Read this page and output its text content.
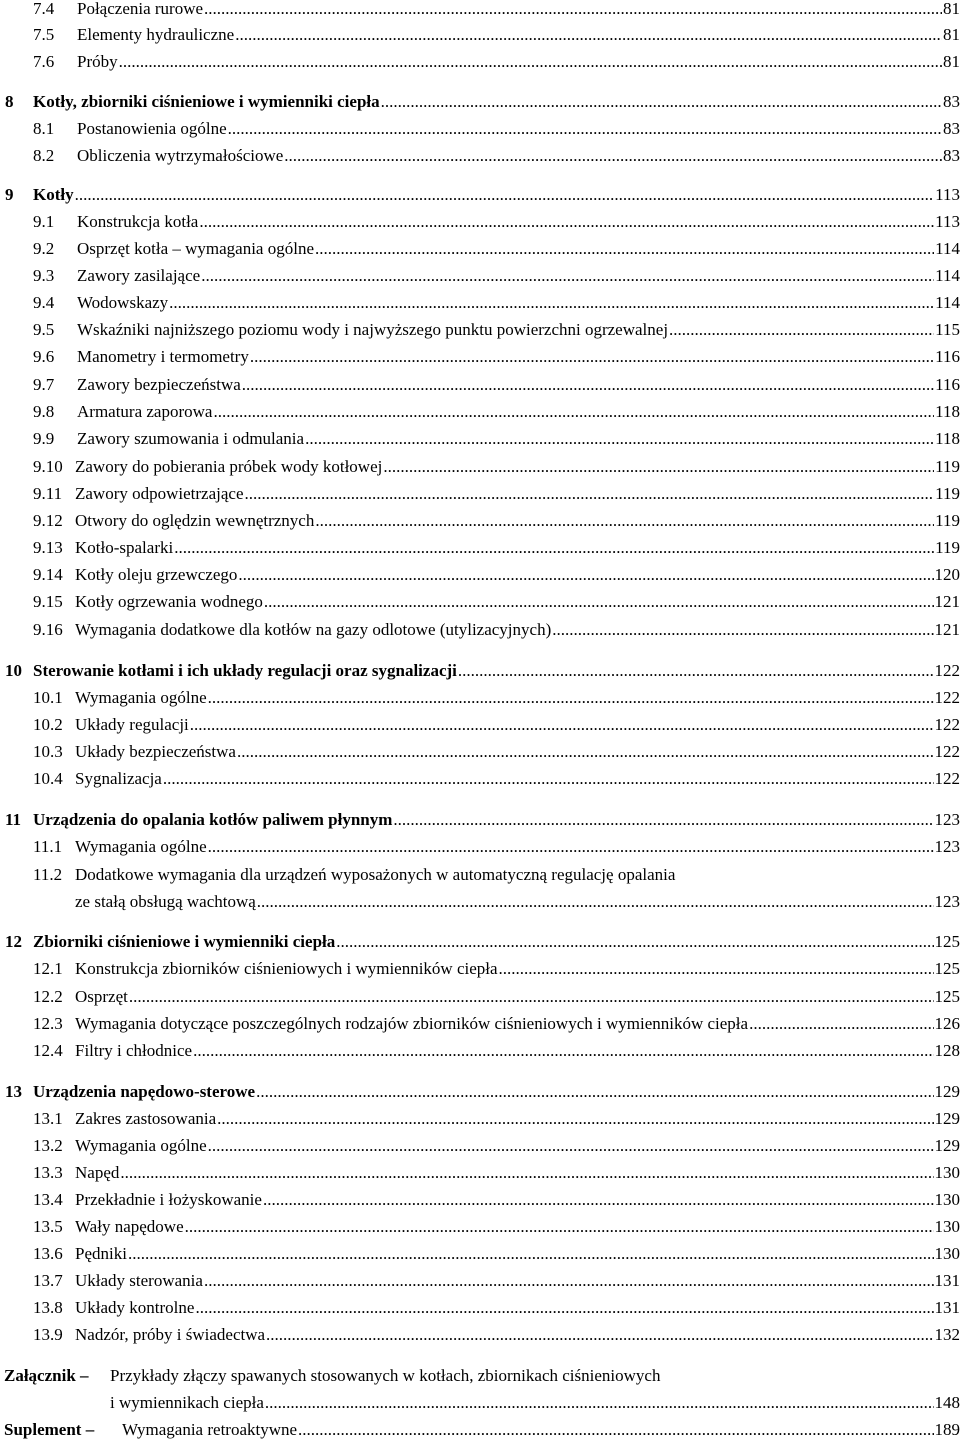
7.4 Połączenia rurowe .....	81
7.5 Elementy hydrauliczne .....	81
7.6 Próby .....	81
8 Kotły, zbiorniki ciśnieniowe i wymienniki ciepła .....	83
8.1 Postanowienia ogólne .....	83
8.2 Obliczenia wytrzymałościowe .....	83
9 Kotły .....	113
9.1 Konstrukcja kotła .....	113
9.2 Osprzęt kotła – wymagania ogólne .....	114
9.3 Zawory zasilające .....	114
9.4 Wodowskazy .....	114
9.5 Wskaźniki najniższego poziomu wody i najwyższego punktu powierzchni ogrzewalnej .....	115
9.6 Manometry i termometry .....	116
9.7 Zawory bezpieczeństwa .....	116
9.8 Armatura zaporowa .....	118
9.9 Zawory szumowania i odmulania .....	118
9.10 Zawory do pobierania próbek wody kotłowej .....	119
9.11 Zawory odpowietrzające .....	119
9.12 Otwory do oględzin wewnętrznych .....	119
9.13 Kotło-spalarki .....	119
9.14 Kotły oleju grzewczego .....	120
9.15 Kotły ogrzewania wodnego .....	121
9.16 Wymagania dodatkowe dla kotłów na gazy odlotowe (utylizacyjnych) .....	121
10 Sterowanie kotłami i ich układy regulacji oraz sygnalizacji .....	122
10.1 Wymagania ogólne .....	122
10.2 Układy regulacji .....	122
10.3 Układy bezpieczeństwa .....	122
10.4 Sygnalizacja .....	122
11 Urządzenia do opalania kotłów paliwem płynnym .....	123
11.1 Wymagania ogólne .....	123
11.2 Dodatkowe wymagania dla urządzeń wyposażonych w automatyczną regulację opalania
ze stałą obsługą wachtową .....	123
12 Zbiorniki ciśnieniowe i wymienniki ciepła .....	125
12.1 Konstrukcja zbiorników ciśnieniowych i wymienników ciepła .....	125
12.2 Osprzęt .....	125
12.3 Wymagania dotyczące poszczególnych rodzajów zbiorników ciśnieniowych i wymienników ciepła .....	126
12.4 Filtry i chłodnice .....	128
13 Urządzenia napędowo-sterowe .....	129
13.1 Zakres zastosowania .....	129
13.2 Wymagania ogólne .....	129
13.3 Napęd .....	130
13.4 Przekładnie i łożyskowanie .....	130
13.5 Wały napędowe .....	130
13.6 Pędniki .....	130
13.7 Układy sterowania .....	131
13.8 Układy kontrolne .....	131
13.9 Nadzór, próby i świadectwa .....	132
Załącznik – Przykłady złączy spawanych stosowanych w kotłach, zbiornikach ciśnieniowych
i wymiennikach ciepła .....	148
Suplement – Wymagania retroaktywne .....	189
